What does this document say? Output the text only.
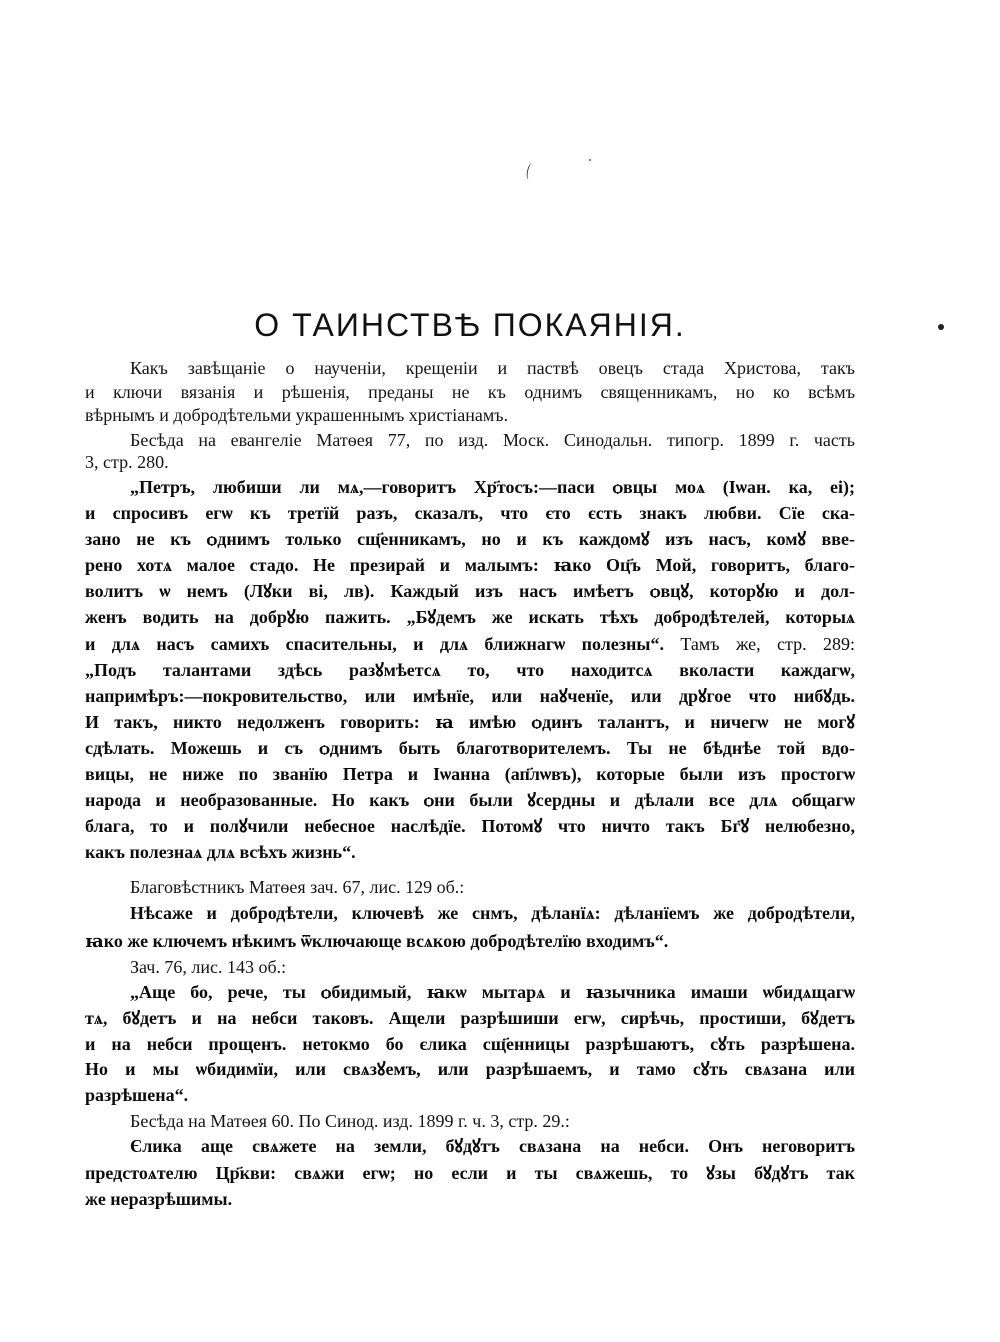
О ТАИНСТВѢ ПОКАЯНІЯ.
Какъ завѣщаніе о наученіи, крещеніи и паствѣ овецъ стада Христова, такъ
и ключи вязанія и рѣшенія, преданы не къ однимъ священникамъ, но ко всѣмъ
вѣрнымъ и добродѣтельми украшеннымъ христіанамъ.
Бесѣда на евангеліе Матѳея 77, по изд. Моск. Синодальн. типогр. 1899 г. часть
3, стр. 280.
„Петръ, любиши ли мѧ,—говоритъ Хр҃тосъ:—паси ѻвцы моѧ (Іѡан. ка, еі);
и спросивъ егѡ къ третїй разъ, сказалъ, что єто єсть знакъ любви. Сїе ска-
зано не къ ѻднимъ только сщ҃енникамъ, но и къ каждомꙋ изъ насъ, комꙋ вве-
рено хотѧ малое стадо. Не презирай и малымъ: ꙗко Оц҃ъ Мой, говоритъ, благо-
волитъ ѡ немъ (Лꙋки ві, лв). Каждый изъ насъ имѣетъ ѻвцꙋ, которꙋю и дол-
женъ водить на добрꙋю пажить. „Бꙋдемъ же искать тѣхъ добродѣтелей, которыѧ
и длѧ насъ самихъ спасительны, и длѧ ближнагѡ полезны“. Тамъ же, стр. 289:
„Подъ талантами здѣсь разꙋмѣетсѧ то, что находитсѧ вколасти каждагѡ,
напримѣръ:—покровительство, или имѣнїе, или наꙋченїе, или дрꙋгое что нибꙋдь.
И такъ, никто недолженъ говорить: ꙗ имѣю ѻдинъ талантъ, и ничегѡ не могꙋ
сдѣлать. Можешь и съ ѻднимъ быть благотворителемъ. Ты не бѣднѣе той вдо-
вицы, не ниже по званїю Петра и Іѡанна (ап҃лѡвъ), которые были изъ простогѡ
народа и необразованные. Но какъ ѻни были ꙋсердны и дѣлали все длѧ ѻбщагѡ
блага, то и полꙋчили небесное наслѣдїе. Потомꙋ что ничто такъ Бг҃ꙋ нелюбезно,
какъ полезнаѧ длѧ всѣхъ жизнь“.
Благовѣстникъ Матѳея зач. 67, лис. 129 об.:
Нѣсаже и добродѣтели, ключевѣ же снмъ, дѣланїѧ: дѣланїемъ же добродѣтели,
ꙗко же ключемъ нѣкимъ ѿключающе всѧкою добродѣтелїю входимъ“.
Зач. 76, лис. 143 об.:
„Аще бо, рече, ты ѻбидимый, ꙗкѡ мытарѧ и ꙗзычника имаши ѡбидѧщагѡ
тѧ, бꙋдетъ и на небси таковъ. Ащели разрѣшиши егѡ, сирѣчь, простиши, бꙋдетъ
и на небси прощенъ. нетокмо бо єлика сщ҃енницы разрѣшаютъ, сꙋть разрѣшена.
Но и мы ѡбидимїи, или свѧзꙋемъ, или разрѣшаемъ, и тамо сꙋть свѧзана или
разрѣшена“.
Бесѣда на Матѳея 60. По Синод. изд. 1899 г. ч. 3, стр. 29.:
Єлика аще свѧжете на земли, бꙋдꙋтъ свѧзана на небси. Онъ неговоритъ
предстоѧтелю Цр҃кви: свѧжи егѡ; но если и ты свѧжешь, то ꙋзы бꙋдꙋтъ так
же неразрѣшимы.
